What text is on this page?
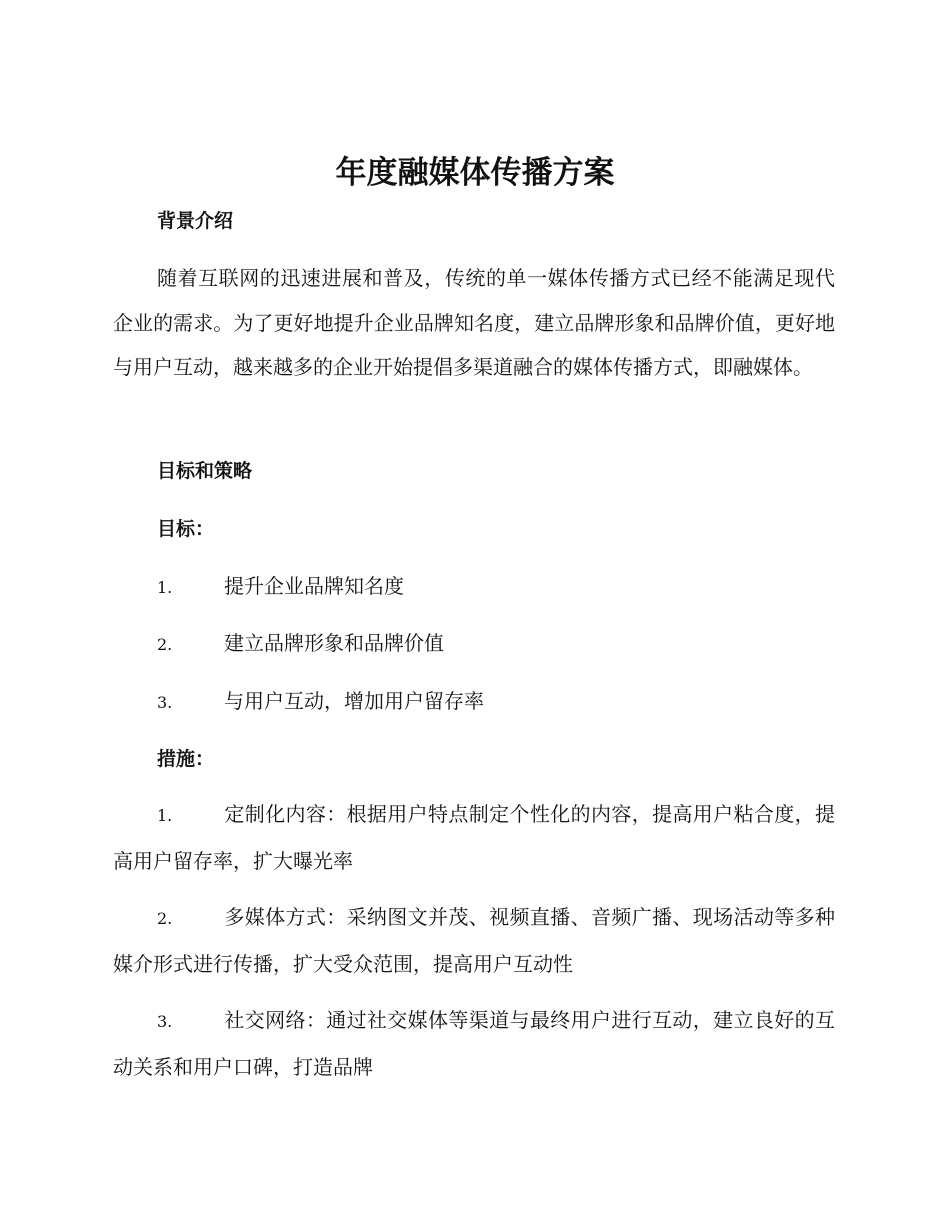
年度融媒体传播方案
背景介绍

随着互联网的迅速进展和普及，传统的单一媒体传播方式已经不能满足现代企业的需求。为了更好地提升企业品牌知名度，建立品牌形象和品牌价值，更好地与用户互动，越来越多的企业开始提倡多渠道融合的媒体传播方式，即融媒体。

目标和策略
目标：
1.	提升企业品牌知名度
2.	建立品牌形象和品牌价值
3.	与用户互动，增加用户留存率
措施：

1.	定制化内容：根据用户特点制定个性化的内容，提高用户粘合度，提高用户留存率，扩大曝光率

2.	多媒体方式：采纳图文并茂、视频直播、音频广播、现场活动等多种媒介形式进行传播，扩大受众范围，提高用户互动性

3.	社交网络：通过社交媒体等渠道与最终用户进行互动，建立良好的互动关系和用户口碑，打造品牌
